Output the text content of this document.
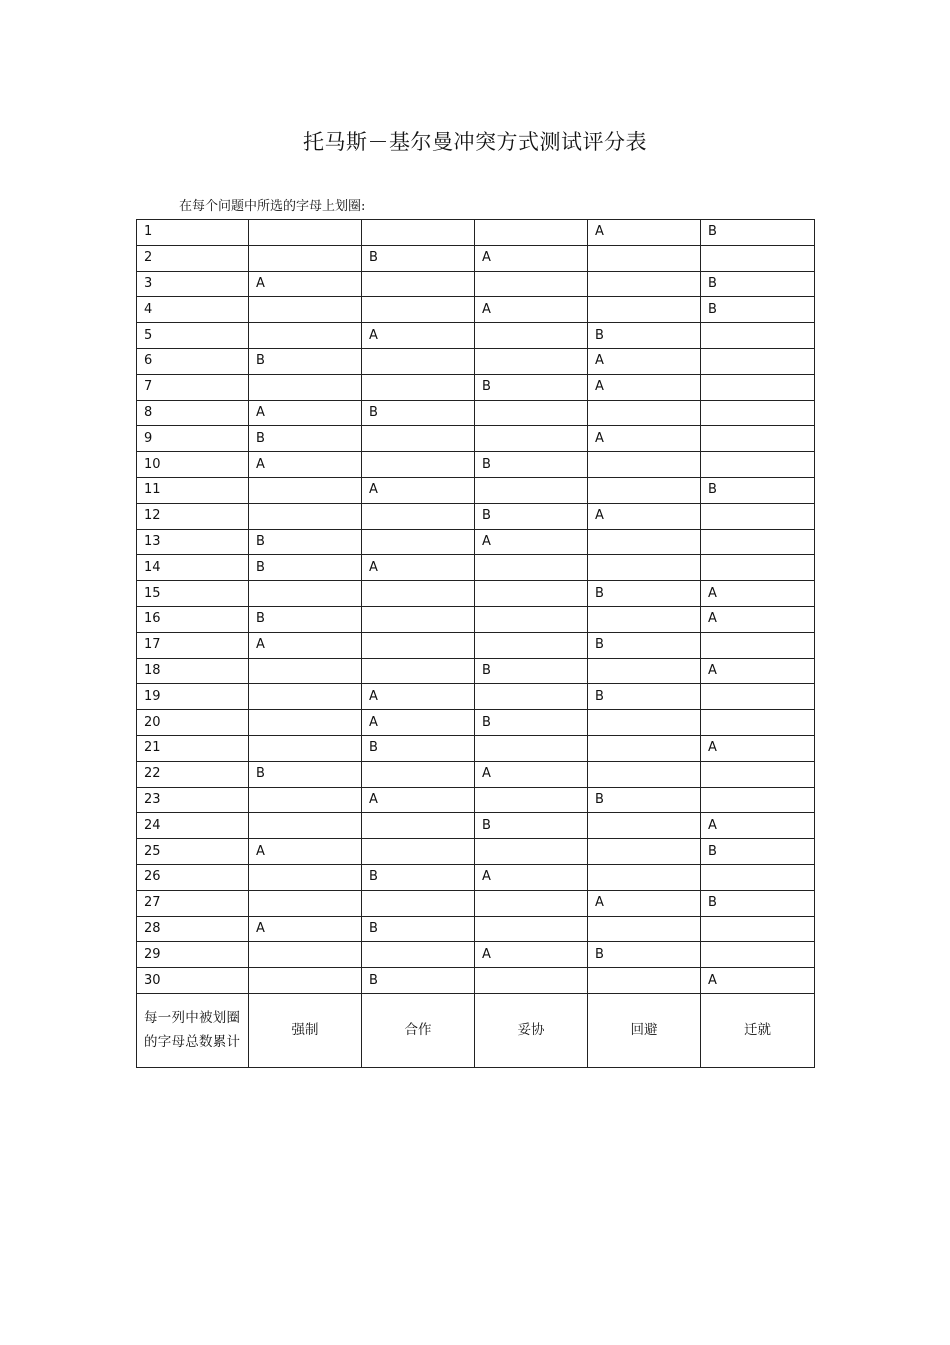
托马斯－基尔曼冲突方式测试评分表
在每个问题中所选的字母上划圈:
1				A	B
2		B	A		
3	A				B
4			A		B
5		A		B	
6	B			A	
7			B	A	
8	A	B			
9	B			A	
10	A		B		
11		A			B
12			B	A	
13	B		A		
14	B	A			
15				B	A
16	B				A
17	A			B	
18			B		A
19		A		B	
20		A	B		
21		B			A
22	B		A		
23		A		B	
24			B		A
25	A				B
26		B	A		
27				A	B
28	A	B			
29			A	B	
30		B			A
每一列中被划圈的字母总数累计	强制	合作	妥协	回避	迁就
